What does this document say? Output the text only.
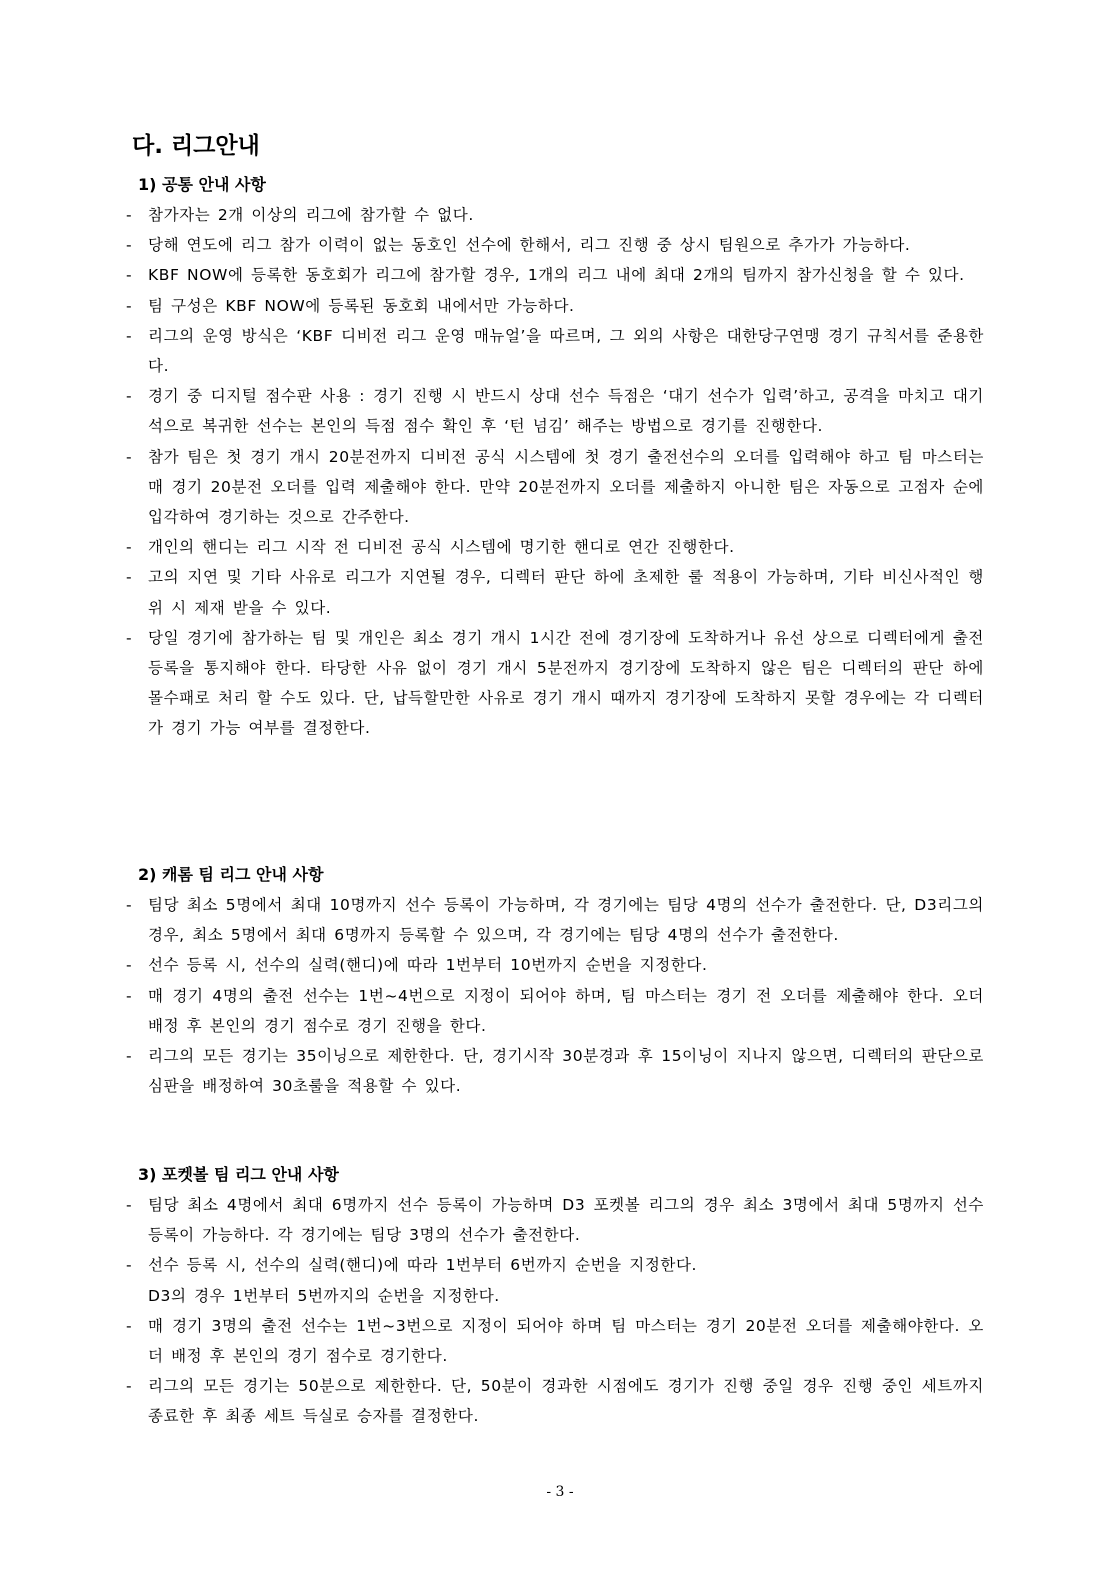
다. 리그안내
1) 공통 안내 사항
- 참가자는 2개 이상의 리그에 참가할 수 없다.
- 당해 연도에 리그 참가 이력이 없는 동호인 선수에 한해서, 리그 진행 중 상시 팀원으로 추가가 가능하다.
- KBF NOW에 등록한 동호회가 리그에 참가할 경우, 1개의 리그 내에 최대 2개의 팀까지 참가신청을 할 수 있다.
- 팀 구성은 KBF NOW에 등록된 동호회 내에서만 가능하다.
- 리그의 운영 방식은 ‘KBF 디비전 리그 운영 매뉴얼’을 따르며, 그 외의 사항은 대한당구연맹 경기 규칙서를 준용한다.
- 경기 중 디지털 점수판 사용 : 경기 진행 시 반드시 상대 선수 득점은 ‘대기 선수가 입력’하고, 공격을 마치고 대기석으로 복귀한 선수는 본인의 득점 점수 확인 후 ‘턴 넘김’ 해주는 방법으로 경기를 진행한다.
- 참가 팀은 첫 경기 개시 20분전까지 디비전 공식 시스템에 첫 경기 출전선수의 오더를 입력해야 하고 팀 마스터는 매 경기 20분전 오더를 입력 제출해야 한다. 만약 20분전까지 오더를 제출하지 아니한 팀은 자동으로 고점자 순에 입각하여 경기하는 것으로 간주한다.
- 개인의 핸디는 리그 시작 전 디비전 공식 시스템에 명기한 핸디로 연간 진행한다.
- 고의 지연 및 기타 사유로 리그가 지연될 경우, 디렉터 판단 하에 초제한 룰 적용이 가능하며, 기타 비신사적인 행위 시 제재 받을 수 있다.
- 당일 경기에 참가하는 팀 및 개인은 최소 경기 개시 1시간 전에 경기장에 도착하거나 유선 상으로 디렉터에게 출전 등록을 통지해야 한다. 타당한 사유 없이 경기 개시 5분전까지 경기장에 도착하지 않은 팀은 디렉터의 판단 하에 몰수패로 처리 할 수도 있다. 단, 납득할만한 사유로 경기 개시 때까지 경기장에 도착하지 못할 경우에는 각 디렉터가 경기 가능 여부를 결정한다.
2) 캐롬 팀 리그 안내 사항
- 팀당 최소 5명에서 최대 10명까지 선수 등록이 가능하며, 각 경기에는 팀당 4명의 선수가 출전한다. 단, D3리그의 경우, 최소 5명에서 최대 6명까지 등록할 수 있으며, 각 경기에는 팀당 4명의 선수가 출전한다.
- 선수 등록 시, 선수의 실력(핸디)에 따라 1번부터 10번까지 순번을 지정한다.
- 매 경기 4명의 출전 선수는 1번~4번으로 지정이 되어야 하며, 팀 마스터는 경기 전 오더를 제출해야 한다. 오더 배정 후 본인의 경기 점수로 경기 진행을 한다.
- 리그의 모든 경기는 35이닝으로 제한한다. 단, 경기시작 30분경과 후 15이닝이 지나지 않으면, 디렉터의 판단으로 심판을 배정하여 30초룰을 적용할 수 있다.
3) 포켓볼 팀 리그 안내 사항
- 팀당 최소 4명에서 최대 6명까지 선수 등록이 가능하며 D3 포켓볼 리그의 경우 최소 3명에서 최대 5명까지 선수등록이 가능하다. 각 경기에는 팀당 3명의 선수가 출전한다.
- 선수 등록 시, 선수의 실력(핸디)에 따라 1번부터 6번까지 순번을 지정한다.
D3의 경우 1번부터 5번까지의 순번을 지정한다.
- 매 경기 3명의 출전 선수는 1번~3번으로 지정이 되어야 하며 팀 마스터는 경기 20분전 오더를 제출해야한다. 오더 배정 후 본인의 경기 점수로 경기한다.
- 리그의 모든 경기는 50분으로 제한한다. 단, 50분이 경과한 시점에도 경기가 진행 중일 경우 진행 중인 세트까지 종료한 후 최종 세트 득실로 승자를 결정한다.
- 3 -
